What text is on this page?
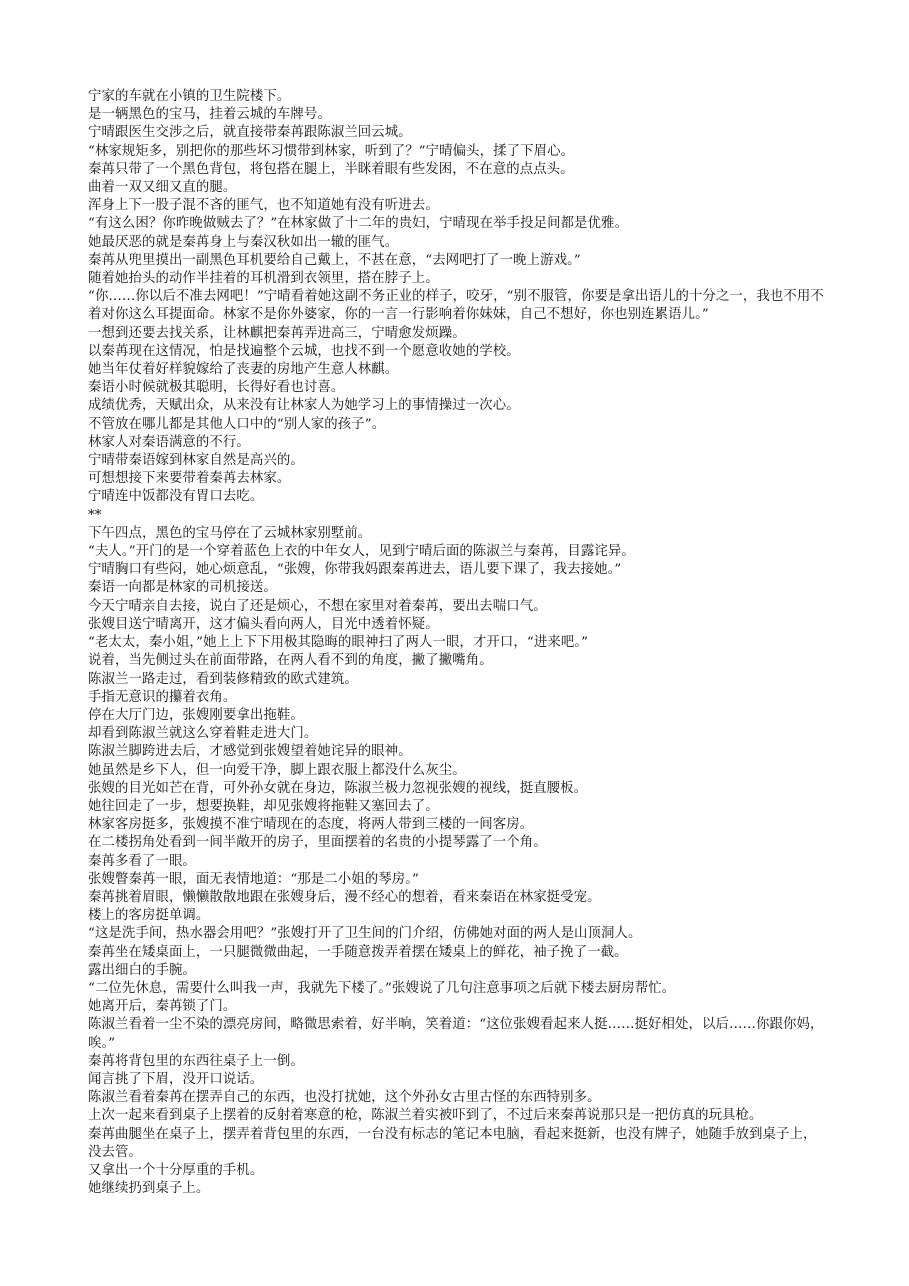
宁家的车就在小镇的卫生院楼下。

是一辆黑色的宝马，挂着云城的车牌号。

宁晴跟医生交涉之后，就直接带秦苒跟陈淑兰回云城。

“林家规矩多，别把你的那些坏习惯带到林家，听到了？”宁晴偏头，揉了下眉心。

秦苒只带了一个黑色背包，将包搭在腿上，半眯着眼有些发困，不在意的点点头。

曲着一双又细又直的腿。

浑身上下一股子混不吝的匪气，也不知道她有没有听进去。

“有这么困？你昨晚做贼去了？”在林家做了十二年的贵妇，宁晴现在举手投足间都是优雅。

她最厌恶的就是秦苒身上与秦汉秋如出一辙的匪气。

秦苒从兜里摸出一副黑色耳机要给自己戴上，不甚在意，“去网吧打了一晚上游戏。”

随着她抬头的动作半挂着的耳机滑到衣领里，搭在脖子上。

“你……你以后不准去网吧！”宁晴看着她这副不务正业的样子，咬牙，“别不服管，你要是拿出语儿的十分之一，我也不用不着对你这么耳提面命。林家不是你外婆家，你的一言一行影响着你妹妹，自己不想好，你也别连累语儿。”

一想到还要去找关系，让林麒把秦苒弄进高三，宁晴愈发烦躁。

以秦苒现在这情况，怕是找遍整个云城，也找不到一个愿意收她的学校。

她当年仗着好样貌嫁给了丧妻的房地产生意人林麒。

秦语小时候就极其聪明，长得好看也讨喜。

成绩优秀，天赋出众，从来没有让林家人为她学习上的事情操过一次心。

不管放在哪儿都是其他人口中的“别人家的孩子”。

林家人对秦语满意的不行。

宁晴带秦语嫁到林家自然是高兴的。

可想想接下来要带着秦苒去林家。

宁晴连中饭都没有胃口去吃。

**

下午四点，黑色的宝马停在了云城林家别墅前。

“夫人。”开门的是一个穿着蓝色上衣的中年女人，见到宁晴后面的陈淑兰与秦苒，目露诧异。

宁晴胸口有些闷，她心烦意乱，“张嫂，你带我妈跟秦苒进去，语儿要下课了，我去接她。”

秦语一向都是林家的司机接送。

今天宁晴亲自去接，说白了还是烦心，不想在家里对着秦苒，要出去喘口气。

张嫂目送宁晴离开，这才偏头看向两人，目光中透着怀疑。

“老太太，秦小姐，”她上上下下用极其隐晦的眼神扫了两人一眼，才开口，“进来吧。”

说着，当先侧过头在前面带路，在两人看不到的角度，撇了撇嘴角。

陈淑兰一路走过，看到装修精致的欧式建筑。

手指无意识的攥着衣角。

停在大厅门边，张嫂刚要拿出拖鞋。

却看到陈淑兰就这么穿着鞋走进大门。

陈淑兰脚跨进去后，才感觉到张嫂望着她诧异的眼神。

她虽然是乡下人，但一向爱干净，脚上跟衣服上都没什么灰尘。

张嫂的目光如芒在背，可外孙女就在身边，陈淑兰极力忽视张嫂的视线，挺直腰板。

她往回走了一步，想要换鞋，却见张嫂将拖鞋又塞回去了。

林家客房挺多，张嫂摸不准宁晴现在的态度，将两人带到三楼的一间客房。

在二楼拐角处看到一间半敞开的房子，里面摆着的名贵的小提琴露了一个角。

秦苒多看了一眼。

张嫂瞥秦苒一眼，面无表情地道：“那是二小姐的琴房。”

秦苒挑着眉眼，懒懒散散地跟在张嫂身后，漫不经心的想着，看来秦语在林家挺受宠。

楼上的客房挺单调。

“这是洗手间，热水器会用吧？”张嫂打开了卫生间的门介绍，仿佛她对面的两人是山顶洞人。

秦苒坐在矮桌面上，一只腿微微曲起，一手随意拨弄着摆在矮桌上的鲜花，袖子挽了一截。

露出细白的手腕。

“二位先休息，需要什么叫我一声，我就先下楼了。”张嫂说了几句注意事项之后就下楼去厨房帮忙。

她离开后，秦苒锁了门。

陈淑兰看着一尘不染的漂亮房间，略微思索着，好半晌，笑着道：“这位张嫂看起来人挺……挺好相处，以后……你跟你妈，唉。”

秦苒将背包里的东西往桌子上一倒。

闻言挑了下眉，没开口说话。

陈淑兰看着秦苒在摆弄自己的东西，也没打扰她，这个外孙女古里古怪的东西特别多。

上次一起来看到桌子上摆着的反射着寒意的枪，陈淑兰着实被吓到了，不过后来秦苒说那只是一把仿真的玩具枪。

秦苒曲腿坐在桌子上，摆弄着背包里的东西，一台没有标志的笔记本电脑，看起来挺新，也没有牌子，她随手放到桌子上，没去管。

又拿出一个十分厚重的手机。

她继续扔到桌子上。
